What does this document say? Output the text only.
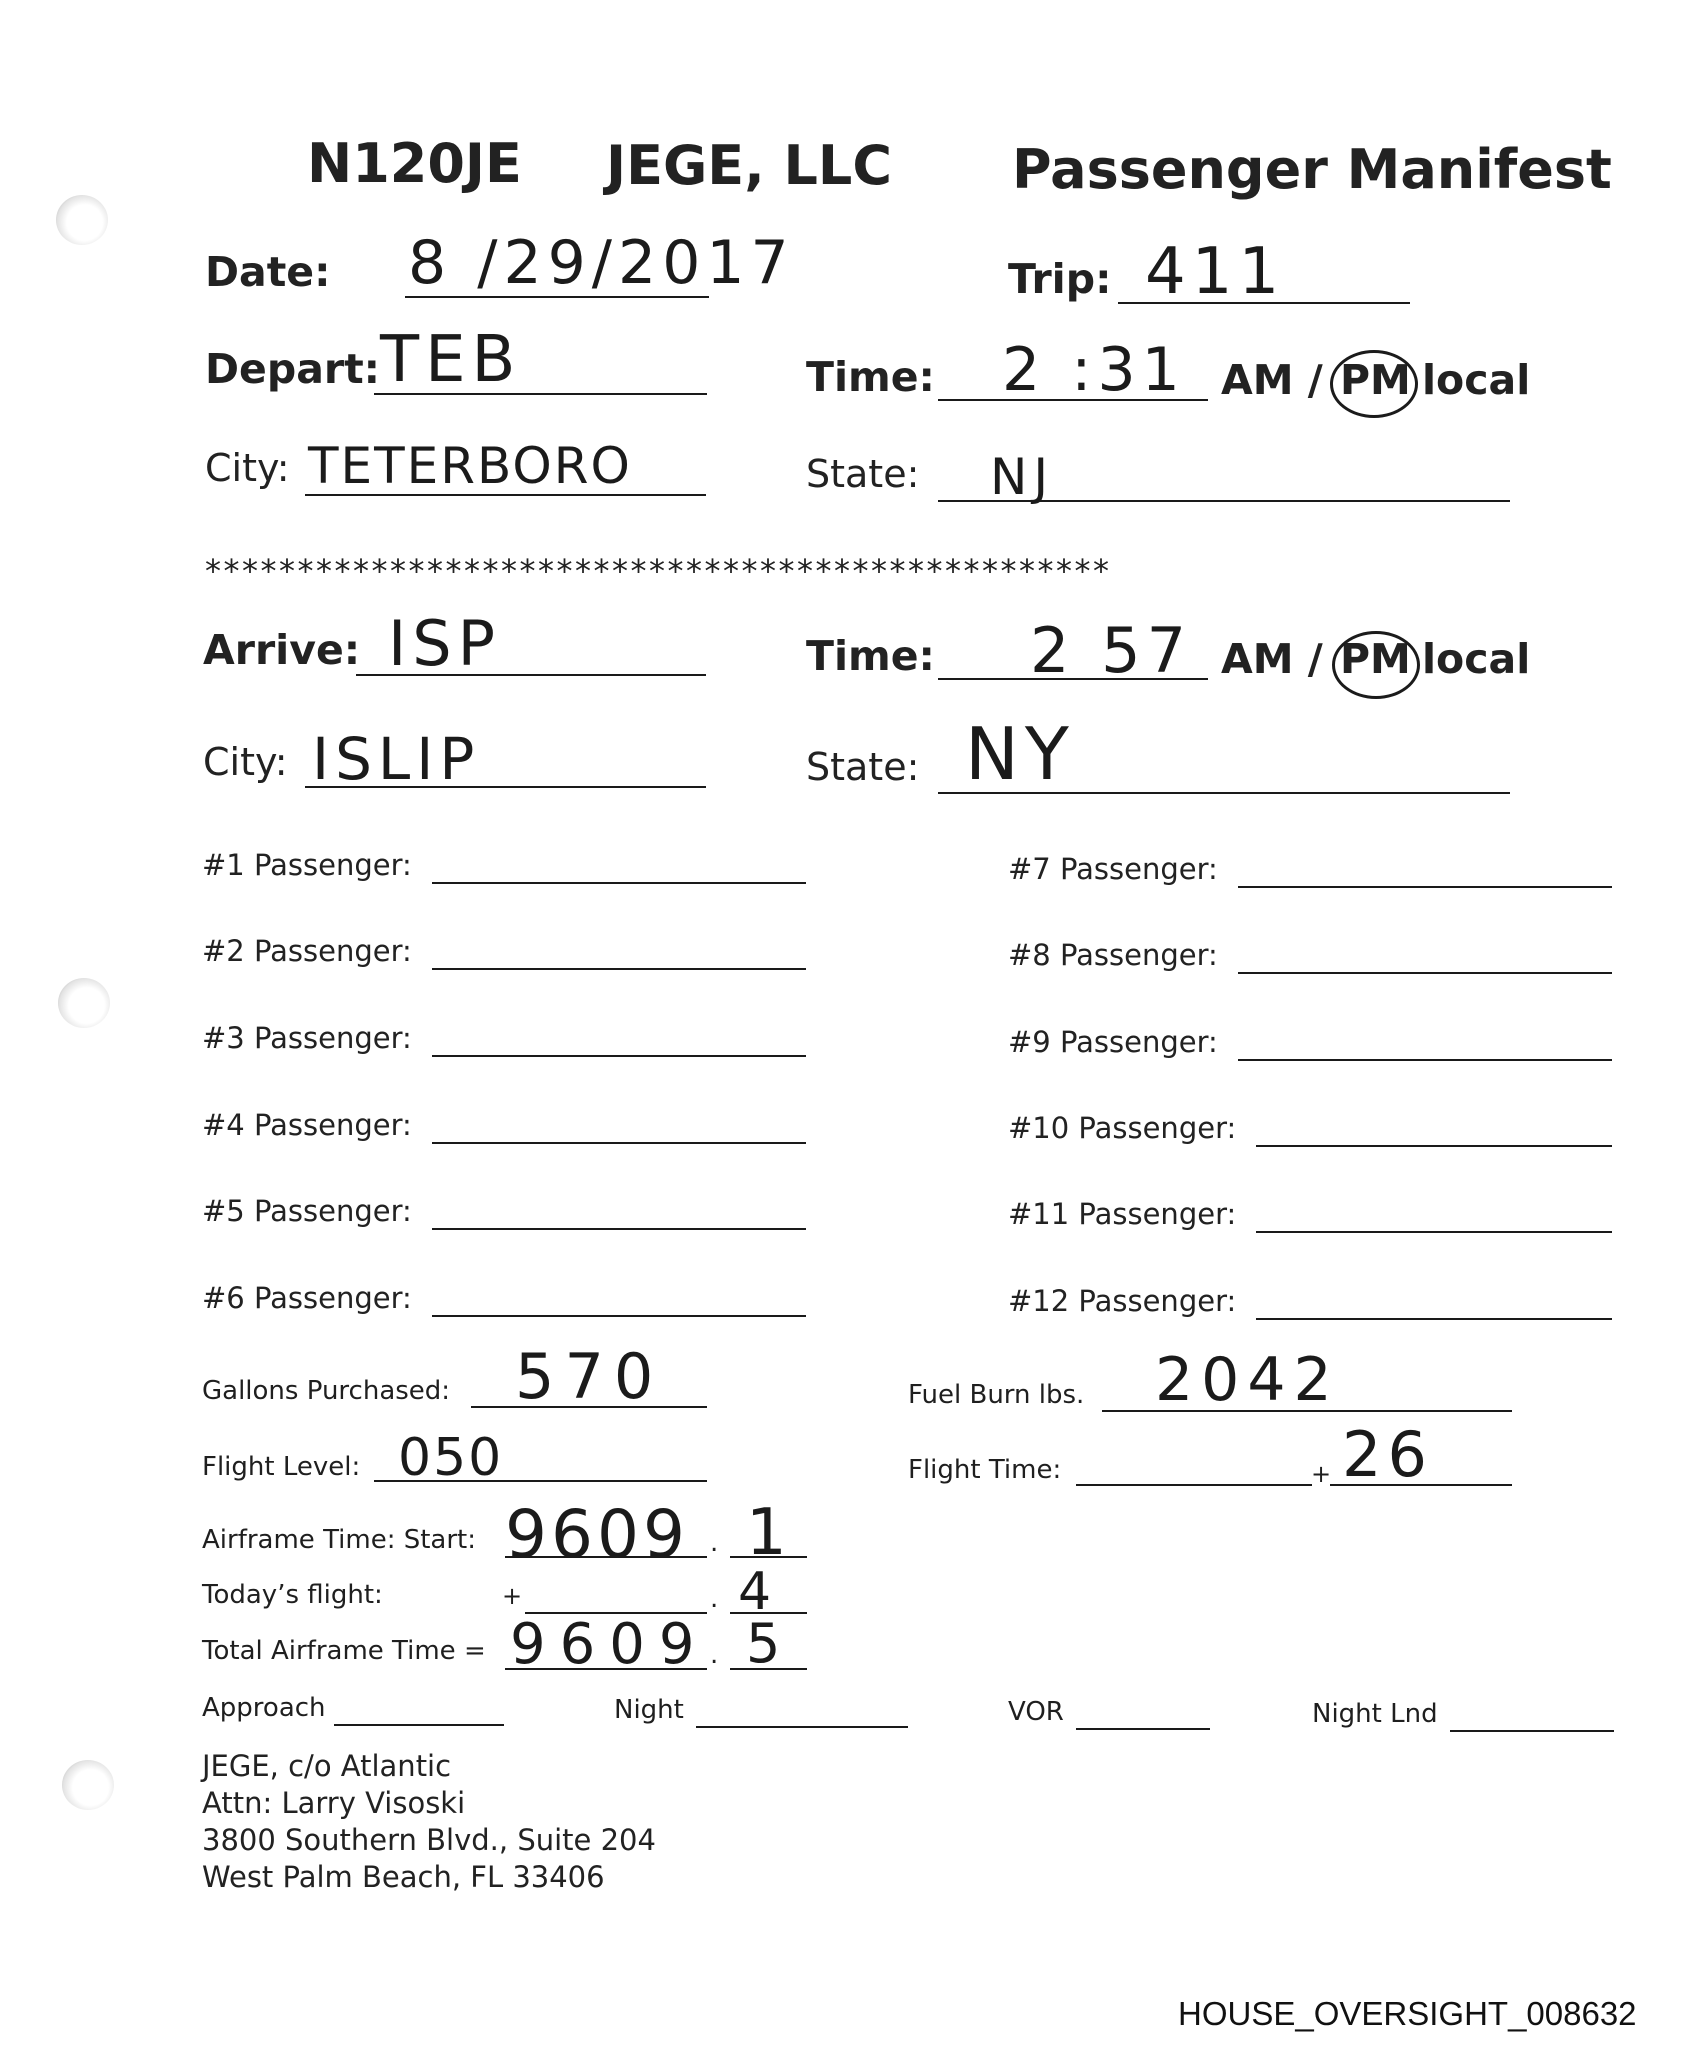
N120JE JEGE, LLC Passenger Manifest
Date: 8 /29/2017	Trip: 411
Depart: TEB	Time: 2 :31 AM / PM local
City: TETERBORO	State: NJ
*************************************************
Arrive: ISP	Time: 2 57 AM / PM local
City: ISLIP	State: NY
#1 Passenger:
#2 Passenger:
#3 Passenger:
#4 Passenger:
#5 Passenger:
#6 Passenger:
#7 Passenger:
#8 Passenger:
#9 Passenger:
#10 Passenger:
#11 Passenger:
#12 Passenger:
Gallons Purchased: 570	Fuel Burn lbs. 2042
Flight Level: 050	Flight Time:	+ 26
Airframe Time: Start: 9609 . 1
Today’s flight:	+	. 4
Total Airframe Time = 9609 . 5
Approach	Night	VOR	Night Lnd
JEGE, c/o Atlantic
Attn: Larry Visoski
3800 Southern Blvd., Suite 204
West Palm Beach, FL 33406
HOUSE_OVERSIGHT_008632
